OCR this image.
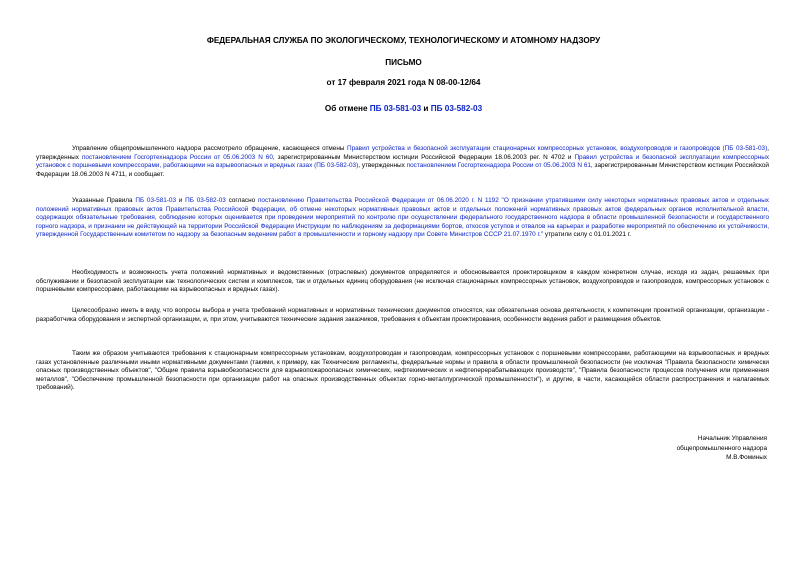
ФЕДЕРАЛЬНАЯ СЛУЖБА ПО ЭКОЛОГИЧЕСКОМУ, ТЕХНОЛОГИЧЕСКОМУ И АТОМНОМУ НАДЗОРУ
ПИСЬМО
от 17 февраля 2021 года N 08-00-12/64
Об отмене ПБ 03-581-03 и ПБ 03-582-03
Управление общепромышленного надзора рассмотрело обращение, касающееся отмены Правил устройства и безопасной эксплуатации стационарных компрессорных установок, воздухопроводов и газопроводов (ПБ 03-581-03), утвержденных постановлением Госгортехнадзора России от 05.06.2003 N 60, зарегистрированным Министерством юстиции Российской Федерации 18.06.2003 рег. N 4702 и Правил устройства и безопасной эксплуатации компрессорных установок с поршневыми компрессорами, работающими на взрывоопасных и вредных газах (ПБ 03-582-03), утвержденных постановлением Госгортехнадзора России от 05.06.2003 N 61, зарегистрированным Министерством юстиции Российской Федерации 18.06.2003 N 4711, и сообщает.
Указанные Правила ПБ 03-581-03 и ПБ 03-582-03 согласно постановлению Правительства Российской Федерации от 06.06.2020 г. N 1192 "О признании утратившими силу некоторых нормативных правовых актов и отдельных положений нормативных правовых актов Правительства Российской Федерации, об отмене некоторых нормативных правовых актов и отдельных положений нормативных правовых актов федеральных органов исполнительной власти, содержащих обязательные требования, соблюдение которых оценивается при проведении мероприятий по контролю при осуществлении федерального государственного надзора в области промышленной безопасности и государственного горного надзора, и признании не действующей на территории Российской Федерации Инструкции по наблюдениям за деформациями бортов, откосов уступов и отвалов на карьерах и разработке мероприятий по обеспечению их устойчивости, утвержденной Государственным комитетом по надзору за безопасным ведением работ в промышленности и горному надзору при Совете Министров СССР 21.07.1970 г." утратили силу с 01.01.2021 г.
Необходимость и возможность учета положений нормативных и ведомственных (отраслевых) документов определяется и обосновывается проектировщиком в каждом конкретном случае, исходя из задач, решаемых при обслуживании и безопасной эксплуатации как технологических систем и комплексов, так и отдельных единиц оборудования (не исключая стационарных компрессорных установок, воздухопроводов и газопроводов, компрессорных установок с поршневыми компрессорами, работающими на взрывоопасных и вредных газах).
Целесообразно иметь в виду, что вопросы выбора и учета требований нормативных и нормативных технических документов относятся, как обязательная основа деятельности, к компетенции проектной организации, организации - разработчика оборудования и экспертной организации, и, при этом, учитываются технические задания заказчиков, требования к объектам проектирования, особенности ведения работ и размещения объектов.
Таким же образом учитываются требования к стационарным компрессорным установкам, воздухопроводам и газопроводам, компрессорных установок с поршневыми компрессорами, работающими на взрывоопасных и вредных газах установленные различными иными нормативными документами (такими, к примеру, как Технические регламенты, федеральные нормы и правила в области промышленной безопасности (не исключая "Правила безопасности химически опасных производственных объектов", "Общие правила взрывобезопасности для взрывопожароопасных химических, нефтехимических и нефтеперерабатывающих производств", "Правила безопасности процессов получения или применения металлов", "Обеспечение промышленной безопасности при организации работ на опасных производственных объектах горно-металлургической промышленности"), и другие, в части, касающейся области распространения и налагаемых требований).
Начальник Управления
общепромышленного надзора
М.В.Фоминых
